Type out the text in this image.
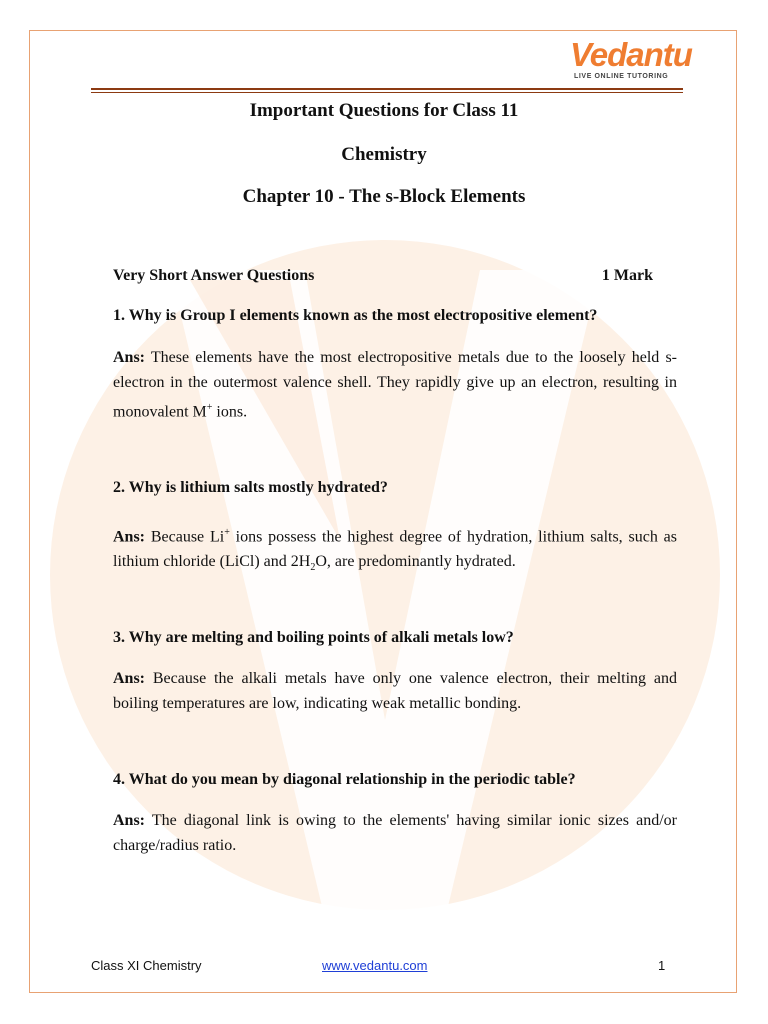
Vedantu
LIVE ONLINE TUTORING
Important Questions for Class 11
Chemistry
Chapter 10 - The s-Block Elements
Very Short Answer Questions	1 Mark
1. Why is Group I elements known as the most electropositive element?
Ans: These elements have the most electropositive metals due to the loosely held s-electron in the outermost valence shell. They rapidly give up an electron, resulting in monovalent M+ ions.
2. Why is lithium salts mostly hydrated?
Ans: Because Li+ ions possess the highest degree of hydration, lithium salts, such as lithium chloride (LiCl) and $2H_2O$, are predominantly hydrated.
3. Why are melting and boiling points of alkali metals low?
Ans: Because the alkali metals have only one valence electron, their melting and boiling temperatures are low, indicating weak metallic bonding.
4. What do you mean by diagonal relationship in the periodic table?
Ans: The diagonal link is owing to the elements' having similar ionic sizes and/or charge/radius ratio.
Class XI Chemistry	www.vedantu.com	1
